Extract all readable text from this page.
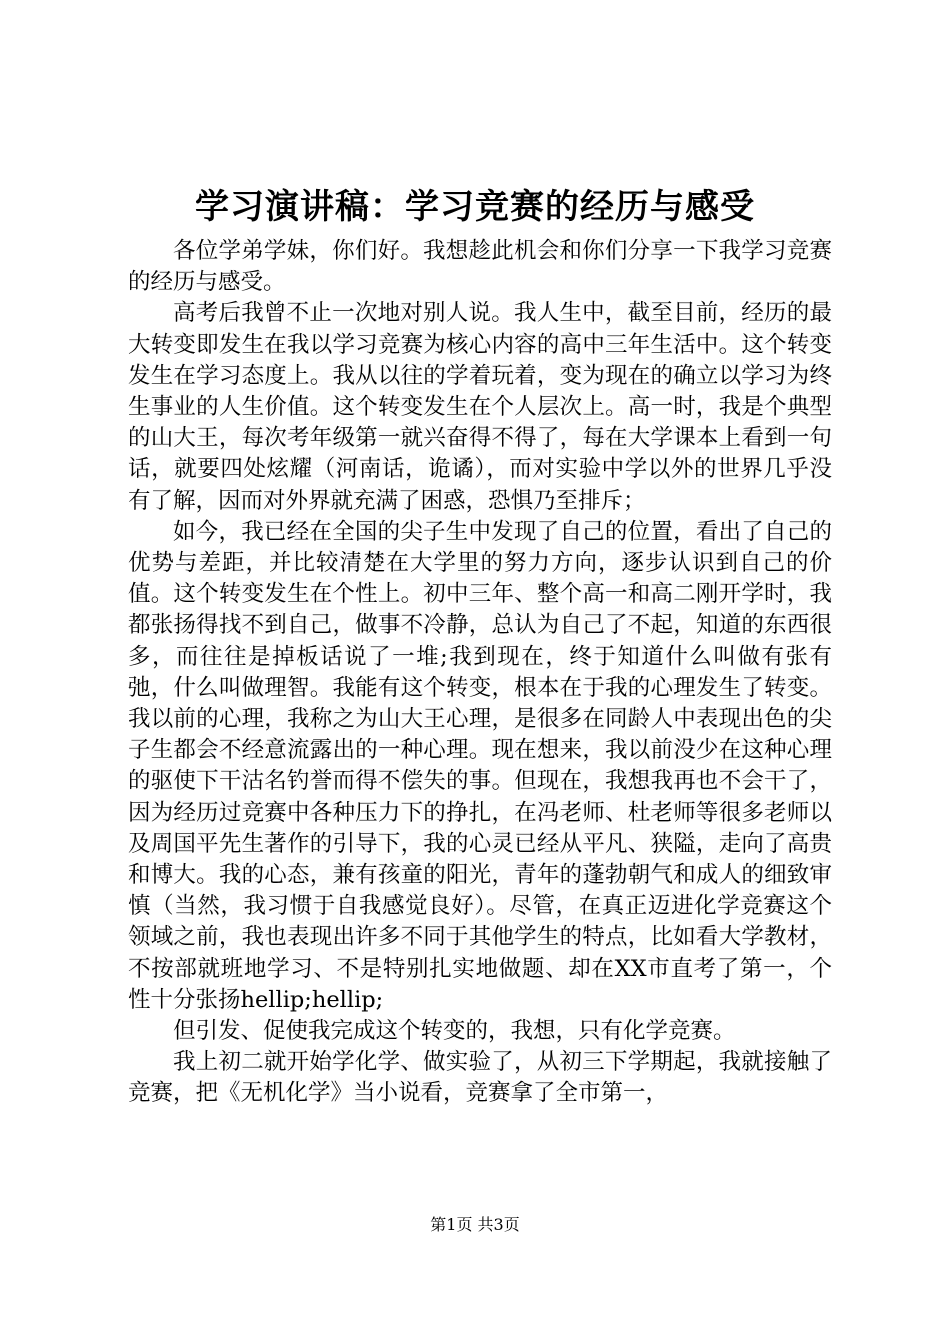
学习演讲稿：学习竞赛的经历与感受

各位学弟学妹，你们好。我想趁此机会和你们分享一下我学习竞赛的经历与感受。

高考后我曾不止一次地对别人说。我人生中，截至目前，经历的最大转变即发生在我以学习竞赛为核心内容的高中三年生活中。这个转变发生在学习态度上。我从以往的学着玩着，变为现在的确立以学习为终生事业的人生价值。这个转变发生在个人层次上。高一时，我是个典型的山大王，每次考年级第一就兴奋得不得了，每在大学课本上看到一句话，就要四处炫耀（河南话，诡谲），而对实验中学以外的世界几乎没有了解，因而对外界就充满了困惑，恐惧乃至排斥；

如今，我已经在全国的尖子生中发现了自己的位置，看出了自己的优势与差距，并比较清楚在大学里的努力方向，逐步认识到自己的价值。这个转变发生在个性上。初中三年、整个高一和高二刚开学时，我都张扬得找不到自己，做事不冷静，总认为自己了不起，知道的东西很多，而往往是掉板话说了一堆;我到现在，终于知道什么叫做有张有弛，什么叫做理智。我能有这个转变，根本在于我的心理发生了转变。我以前的心理，我称之为山大王心理，是很多在同龄人中表现出色的尖子生都会不经意流露出的一种心理。现在想来，我以前没少在这种心理的驱使下干沽名钓誉而得不偿失的事。但现在，我想我再也不会干了，因为经历过竞赛中各种压力下的挣扎，在冯老师、杜老师等很多老师以及周国平先生著作的引导下，我的心灵已经从平凡、狭隘，走向了高贵和博大。我的心态，兼有孩童的阳光，青年的蓬勃朝气和成人的细致审慎（当然，我习惯于自我感觉良好）。尽管，在真正迈进化学竞赛这个领域之前，我也表现出许多不同于其他学生的特点，比如看大学教材，不按部就班地学习、不是特别扎实地做题、却在XX市直考了第一，个性十分张扬hellip;hellip;

但引发、促使我完成这个转变的，我想，只有化学竞赛。

我上初二就开始学化学、做实验了，从初三下学期起，我就接触了竞赛，把《无机化学》当小说看，竞赛拿了全市第一，

第1页 共3页
